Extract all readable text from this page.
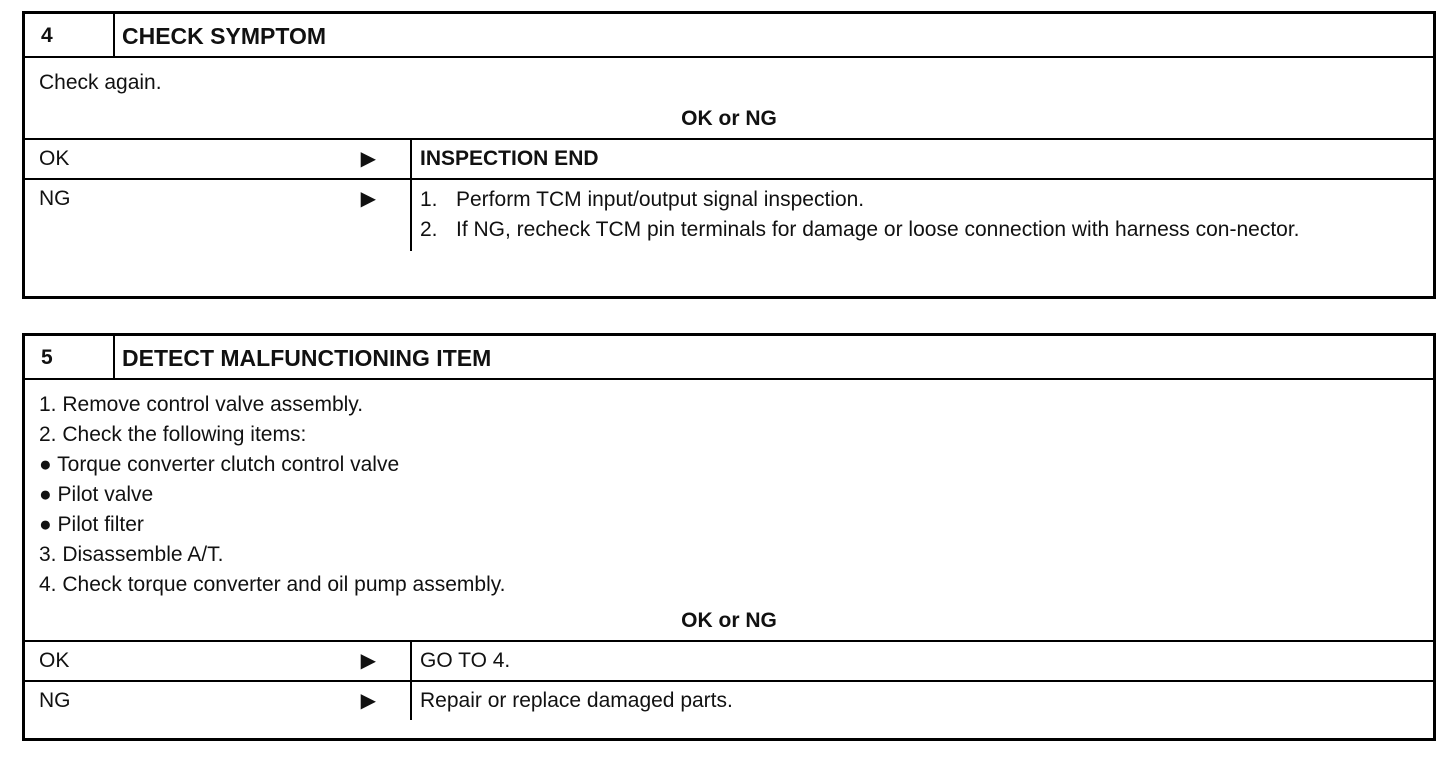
4	CHECK SYMPTOM
Check again.
OK or NG
OK	▶	INSPECTION END
NG	▶ 1. Perform TCM input/output signal inspection.
2. If NG, recheck TCM pin terminals for damage or loose connection with harness con-nector.
5	DETECT MALFUNCTIONING ITEM
1. Remove control valve assembly.
2. Check the following items:
● Torque converter clutch control valve
● Pilot valve
● Pilot filter
3. Disassemble A/T.
4. Check torque converter and oil pump assembly.
OK or NG
OK	▶	GO TO 4.
NG	▶	Repair or replace damaged parts.
